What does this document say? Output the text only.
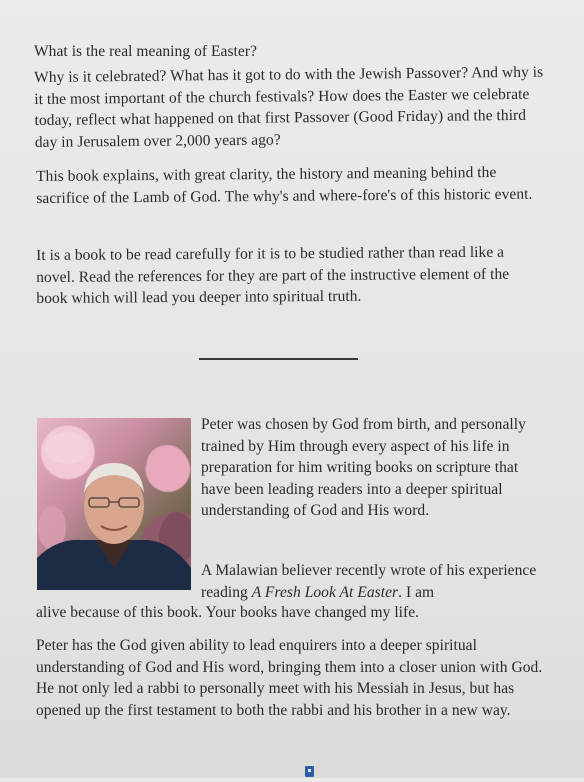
What is the real meaning of Easter?

Why is it celebrated? What has it got to do with the Jewish Passover? And why is it the most important of the church festivals? How does the Easter we celebrate today, reflect what happened on that first Passover (Good Friday) and the third day in Jerusalem over 2,000 years ago?

This book explains, with great clarity, the history and meaning behind the sacrifice of the Lamb of God. The why's and where-fore's of this historic event.

It is a book to be read carefully for it is to be studied rather than read like a novel. Read the references for they are part of the instructive element of the book which will lead you deeper into spiritual truth.

Peter was chosen by God from birth, and personally trained by Him through every aspect of his life in preparation for him writing books on scripture that have been leading readers into a deeper spiritual understanding of God and His word.

A Malawian believer recently wrote of his experience reading A Fresh Look At Easter. I am

alive because of this book. Your books have changed my life.

Peter has the God given ability to lead enquirers into a deeper spiritual understanding of God and His word, bringing them into a closer union with God. He not only led a rabbi to personally meet with his Messiah in Jesus, but has opened up the first testament to both the rabbi and his brother in a new way.
